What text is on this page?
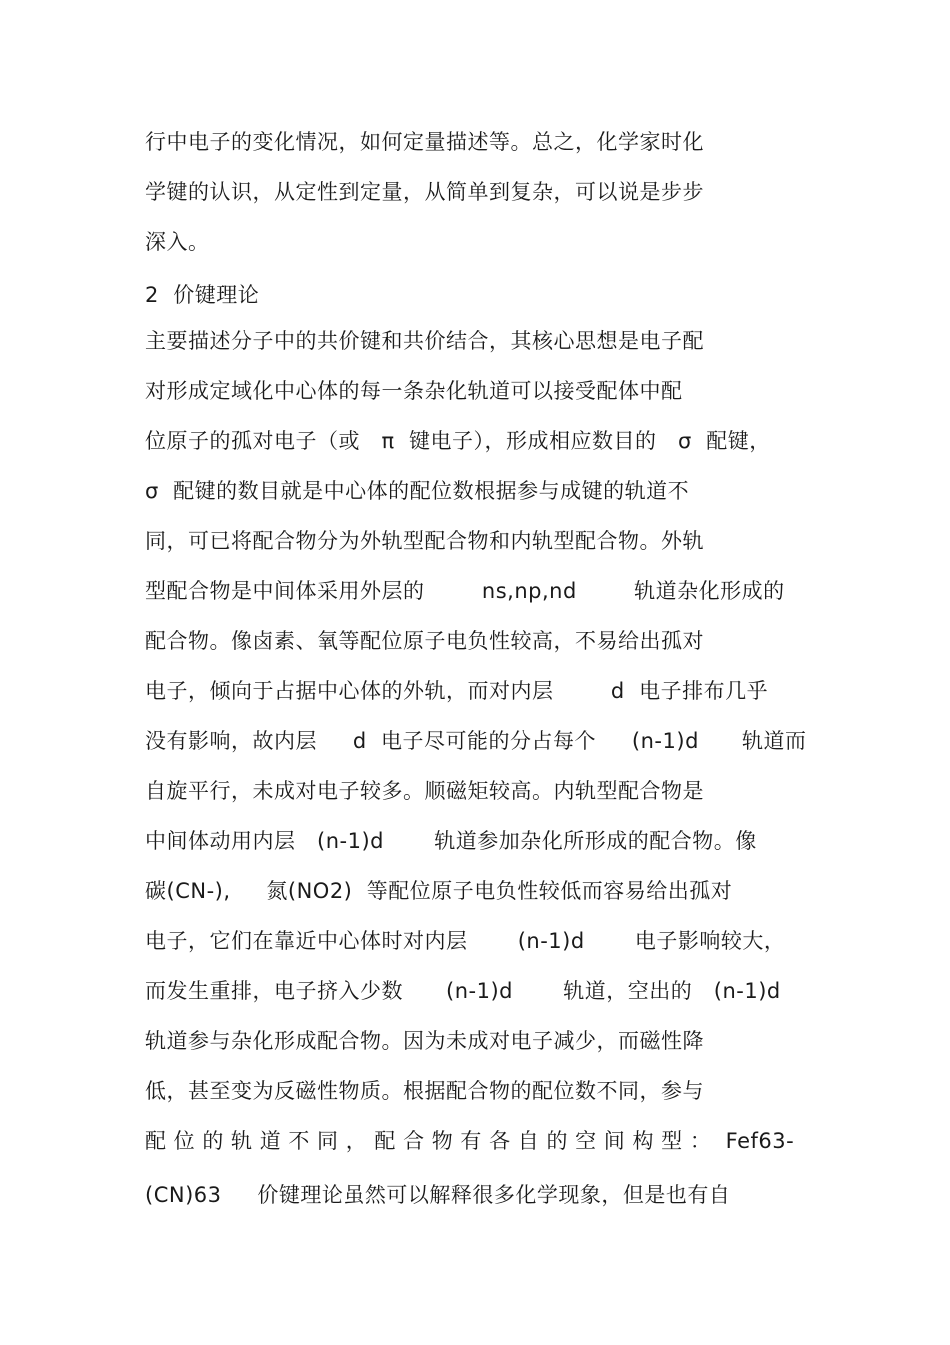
行中电子的变化情况，如何定量描述等。总之，化学家时化
学键的认识，从定性到定量，从简单到复杂，可以说是步步
深入。
2  价键理论
主要描述分子中的共价键和共价结合，其核心思想是电子配
对形成定域化中心体的每一条杂化轨道可以接受配体中配
位原子的孤对电子（或   π  键电子），形成相应数目的   σ  配键，
σ  配键的数目就是中心体的配位数根据参与成键的轨道不
同，可已将配合物分为外轨型配合物和内轨型配合物。外轨
型配合物是中间体采用外层的        ns,np,nd        轨道杂化形成的
配合物。像卤素、氧等配位原子电负性较高，不易给出孤对
电子，倾向于占据中心体的外轨，而对内层        d  电子排布几乎
没有影响，故内层     d  电子尽可能的分占每个     (n-1)d      轨道而
自旋平行，未成对电子较多。顺磁矩较高。内轨型配合物是
中间体动用内层   (n-1)d       轨道参加杂化所形成的配合物。像
碳(CN-),     氮(NO2)  等配位原子电负性较低而容易给出孤对
电子，它们在靠近中心体时对内层       (n-1)d       电子影响较大，
而发生重排，电子挤入少数      (n-1)d       轨道，空出的   (n-1)d
轨道参与杂化形成配合物。因为未成对电子减少，而磁性降
低，甚至变为反磁性物质。根据配合物的配位数不同，参与
配 位 的 轨 道 不 同 ， 配 合 物 有 各 自 的 空 间 构 型 ：  Fef63-
(CN)63     价键理论虽然可以解释很多化学现象，但是也有自
